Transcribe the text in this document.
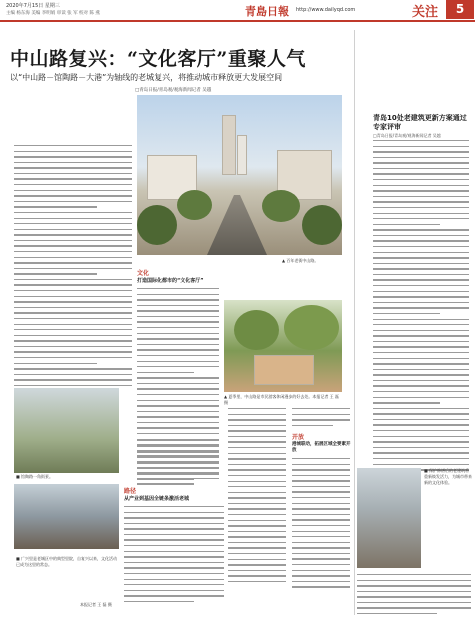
2020年7月15日 星期三
主编 杨东海 美编 李明娟 审读 张 军 校对 陈 燕	青島日報 http://www.dailyqd.com	关注	5
中山路复兴：“文化客厅”重聚人气
以“中山路－馆陶路－大港”为轴线的老城复兴，将推动城市释放更大发展空间
□青岛日报/青岛观/观海新闻记者 吴越
▲ 百年老街中山路。
■ 馆陶路一角街景。
■ 广兴里是老城区中的典型里院，自复兴以来，文化活动已成为这里的常态。
本报记者 王 磊 摄
文化
打造国际化都市的“文化客厅”
▲ 夏季里，中山路是市民游客休闲漫步的好去处。本报记者 王 磊 摄
路径
从产业到基因全链条激活老城
开放
港城联动，拓展区域全要素开放
青岛10处老建筑更新方案通过专家评审
□青岛日报/青岛观/观海新闻记者 吴越
■ 保护修缮后的老建筑将重新焕发活力，为城市带来新的文化体验。
